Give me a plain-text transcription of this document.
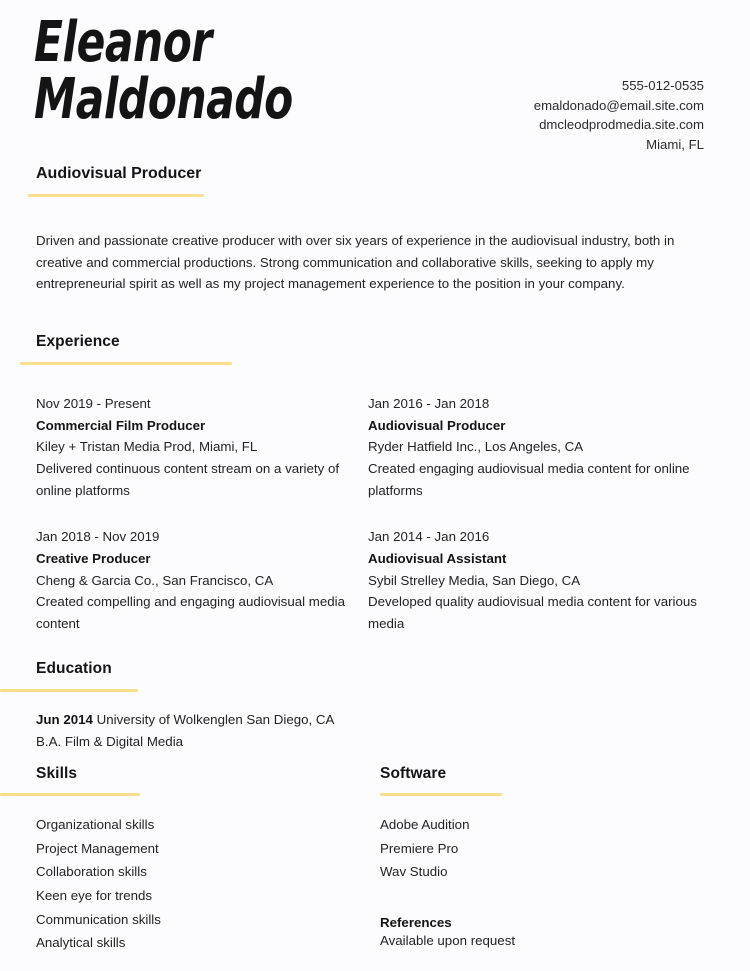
Eleanor
Maldonado	555-012-0535
emaldonado@email.site.com
dmcleodprodmedia.site.com
Miami, FL
Audiovisual Producer
Driven and passionate creative producer with over six years of experience in the audiovisual industry, both in creative and commercial productions. Strong communication and collaborative skills, seeking to apply my entrepreneurial spirit as well as my project management experience to the position in your company.
Experience
Nov 2019 - Present
Commercial Film Producer
Kiley + Tristan Media Prod, Miami, FL
Delivered continuous content stream on a variety of online platforms
Jan 2016 - Jan 2018
Audiovisual Producer
Ryder Hatfield Inc., Los Angeles, CA
Created engaging audiovisual media content for online platforms
Jan 2018 - Nov 2019
Creative Producer
Cheng & Garcia Co., San Francisco, CA
Created compelling and engaging audiovisual media content
Jan 2014 - Jan 2016
Audiovisual Assistant
Sybil Strelley Media, San Diego, CA
Developed quality audiovisual media content for various media
Education
Jun 2014 University of Wolkenglen San Diego, CA
B.A. Film & Digital Media
Skills
Organizational skills
Project Management
Collaboration skills
Keen eye for trends
Communication skills
Analytical skills
Software
Adobe Audition
Premiere Pro
Wav Studio
References
Available upon request
